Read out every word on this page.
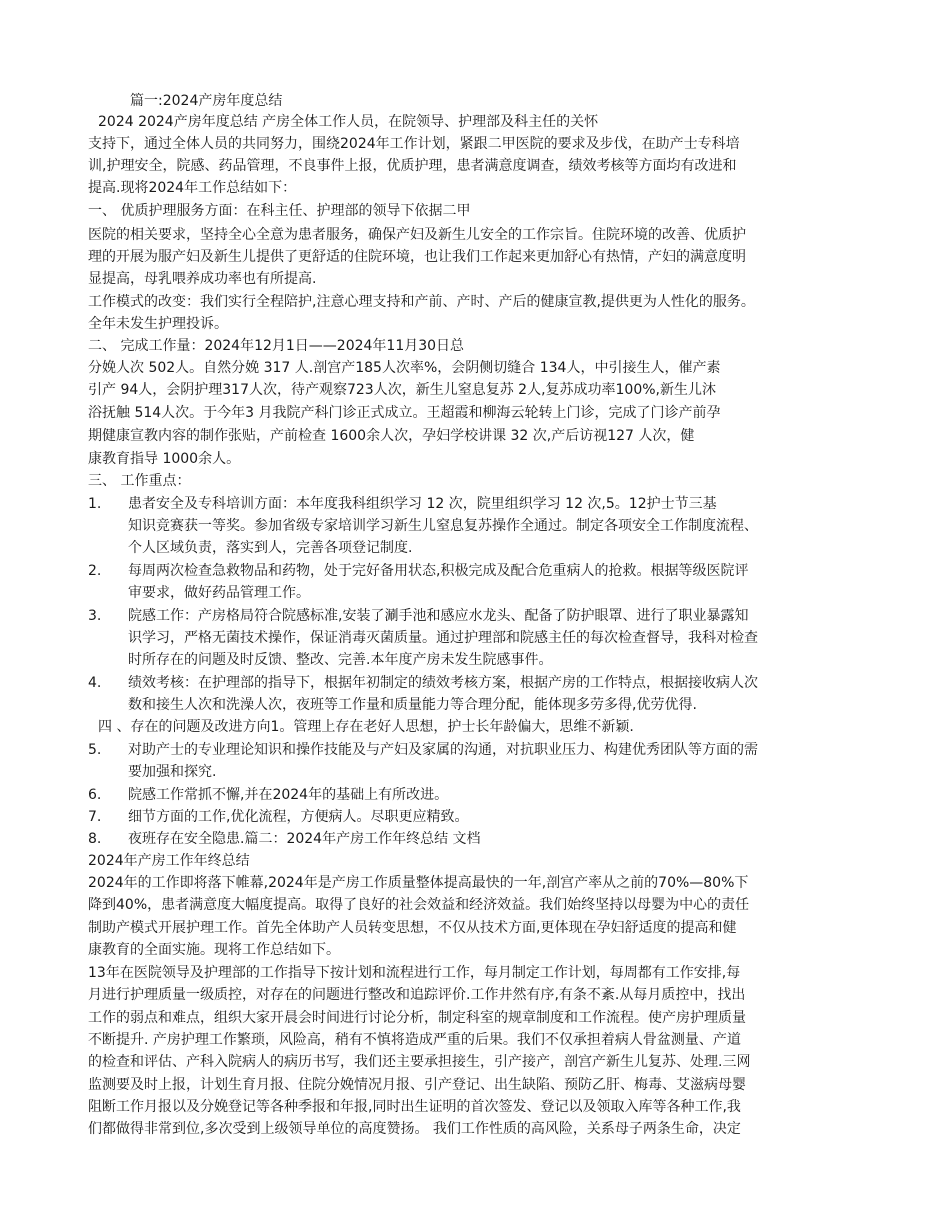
篇一:2024产房年度总结
2024 2024产房年度总结 产房全体工作人员，在院领导、护理部及科主任的关怀
支持下，通过全体人员的共同努力，围绕2024年工作计划，紧跟二甲医院的要求及步伐，在助产士专科培
训,护理安全，院感、药品管理，不良事件上报，优质护理，患者满意度调查，绩效考核等方面均有改进和
提高.现将2024年工作总结如下：
一、 优质护理服务方面：在科主任、护理部的领导下依据二甲
医院的相关要求，坚持全心全意为患者服务，确保产妇及新生儿安全的工作宗旨。住院环境的改善、优质护
理的开展为服产妇及新生儿提供了更舒适的住院环境，也让我们工作起来更加舒心有热情，产妇的满意度明
显提高，母乳喂养成功率也有所提高.
工作模式的改变：我们实行全程陪护,注意心理支持和产前、产时、产后的健康宣教,提供更为人性化的服务。
全年未发生护理投诉。
二、 完成工作量：2024年12月1日——2024年11月30日总
分娩人次 502人。自然分娩 317 人.剖宫产185人次率%，会阴侧切缝合 134人，中引接生人，催产素
引产 94人，会阴护理317人次，待产观察723人次，新生儿窒息复苏 2人,复苏成功率100%,新生儿沐
浴抚触 514人次。于今年3 月我院产科门诊正式成立。王超霞和柳海云轮转上门诊，完成了门诊产前孕
期健康宣教内容的制作张贴，产前检查 1600余人次，孕妇学校讲课 32 次,产后访视127 人次，健
康教育指导 1000余人。
三、 工作重点：
1.	患者安全及专科培训方面：本年度我科组织学习 12 次，院里组织学习 12 次,5。12护士节三基
知识竞赛获一等奖。参加省级专家培训学习新生儿窒息复苏操作全通过。制定各项安全工作制度流程、
个人区域负责，落实到人，完善各项登记制度.
2.	每周两次检查急救物品和药物，处于完好备用状态,积极完成及配合危重病人的抢救。根据等级医院评
审要求，做好药品管理工作。
3.	院感工作：产房格局符合院感标准,安装了涮手池和感应水龙头、配备了防护眼罩、进行了职业暴露知
识学习，严格无菌技术操作，保证消毒灭菌质量。通过护理部和院感主任的每次检查督导，我科对检查
时所存在的问题及时反馈、整改、完善.本年度产房未发生院感事件。
4.	绩效考核：在护理部的指导下，根据年初制定的绩效考核方案，根据产房的工作特点，根据接收病人次
数和接生人次和洗澡人次，夜班等工作量和质量能力等合理分配，能体现多劳多得,优劳优得.
四 、存在的问题及改进方向1。管理上存在老好人思想，护士长年龄偏大，思维不新颖.
5.	对助产士的专业理论知识和操作技能及与产妇及家属的沟通，对抗职业压力、构建优秀团队等方面的需
要加强和探究.
6.	院感工作常抓不懈,并在2024年的基础上有所改进。
7.	细节方面的工作,优化流程，方便病人。尽职更应精致。
8.	夜班存在安全隐患.篇二：2024年产房工作年终总结 文档
2024年产房工作年终总结
2024年的工作即将落下帷幕,2024年是产房工作质量整体提高最快的一年,剖宫产率从之前的70%—80%下
降到40%，患者满意度大幅度提高。取得了良好的社会效益和经济效益。我们始终坚持以母婴为中心的责任
制助产模式开展护理工作。首先全体助产人员转变思想，不仅从技术方面,更体现在孕妇舒适度的提高和健
康教育的全面实施。现将工作总结如下。
13年在医院领导及护理部的工作指导下按计划和流程进行工作，每月制定工作计划，每周都有工作安排,每
月进行护理质量一级质控，对存在的问题进行整改和追踪评价.工作井然有序,有条不紊.从每月质控中，找出
工作的弱点和难点，组织大家开晨会时间进行讨论分析，制定科室的规章制度和工作流程。使产房护理质量
不断提升. 产房护理工作繁琐，风险高，稍有不慎将造成严重的后果。我们不仅承担着病人骨盆测量、产道
的检查和评估、产科入院病人的病历书写，我们还主要承担接生，引产接产，剖宫产新生儿复苏、处理.三网
监测要及时上报，计划生育月报、住院分娩情况月报、引产登记、出生缺陷、预防乙肝、梅毒、艾滋病母婴
阻断工作月报以及分娩登记等各种季报和年报,同时出生证明的首次签发、登记以及领取入库等各种工作,我
们都做得非常到位,多次受到上级领导单位的高度赞扬。 我们工作性质的高风险，关系母子两条生命，决定
